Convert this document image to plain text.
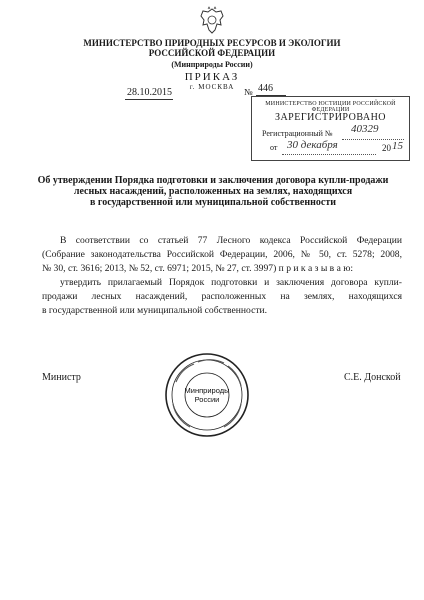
МИНИСТЕРСТВО ПРИРОДНЫХ РЕСУРСОВ И ЭКОЛОГИИ
РОССИЙСКОЙ ФЕДЕРАЦИИ
(Минприроды России)
ПРИКАЗ
г. МОСКВА
28.10.2015	№ 446
МИНИСТЕРСТВО ЮСТИЦИИ РОССИЙСКОЙ ФЕДЕРАЦИИ
ЗАРЕГИСТРИРОВАНО
Регистрационный № 40329
от 30 декабря	20 15
Об утверждении Порядка подготовки и заключения договора купли-продажи
лесных насаждений, расположенных на землях, находящихся
в государственной или муниципальной собственности
В соответствии со статьей 77 Лесного кодекса Российской Федерации
(Собрание законодательства Российской Федерации, 2006, № 50, ст. 5278; 2008,
№ 30, ст. 3616; 2013, № 52, ст. 6971; 2015, № 27, ст. 3997) п р и к а з ы в а ю:
утвердить прилагаемый Порядок подготовки и заключения договора купли-
продажи лесных насаждений, расположенных на землях, находящихся
в государственной или муниципальной собственности.
Министр	С.Е. Донской
Минприроды
России
